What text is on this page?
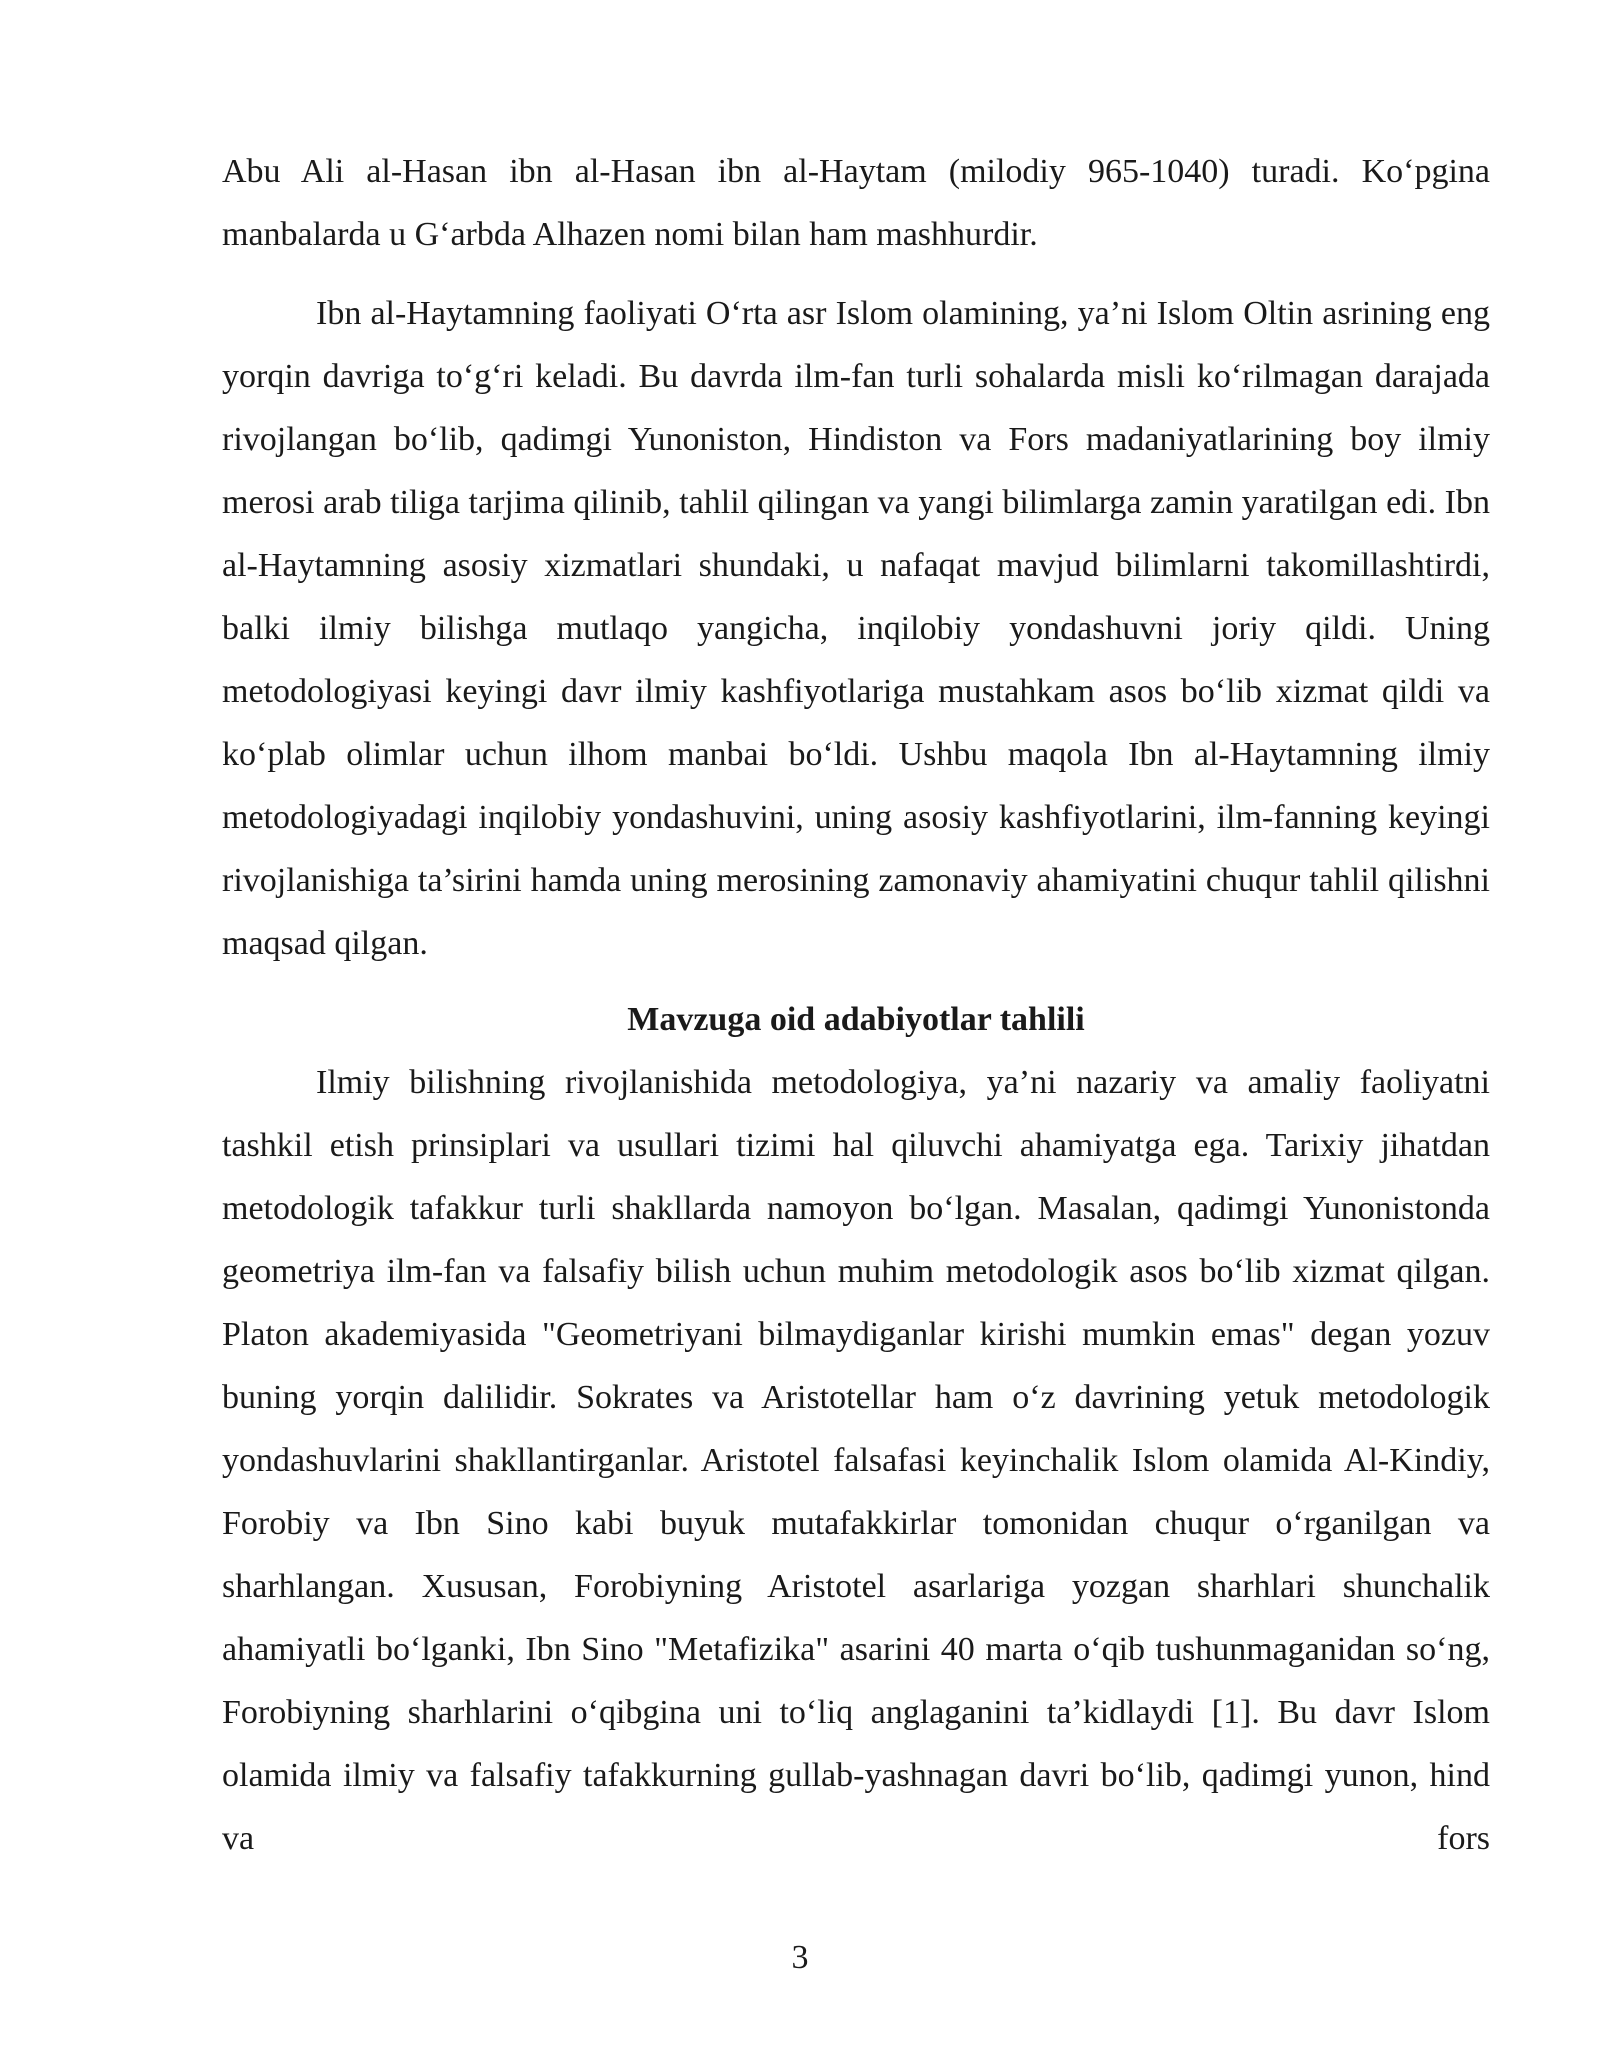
Abu Ali al-Hasan ibn al-Hasan ibn al-Haytam (milodiy 965-1040) turadi. Ko‘pgina manbalarda u G‘arbda Alhazen nomi bilan ham mashhurdir.

Ibn al-Haytamning faoliyati O‘rta asr Islom olamining, ya’ni Islom Oltin asrining eng yorqin davriga to‘g‘ri keladi. Bu davrda ilm-fan turli sohalarda misli ko‘rilmagan darajada rivojlangan bo‘lib, qadimgi Yunoniston, Hindiston va Fors madaniyatlarining boy ilmiy merosi arab tiliga tarjima qilinib, tahlil qilingan va yangi bilimlarga zamin yaratilgan edi. Ibn al-Haytamning asosiy xizmatlari shundaki, u nafaqat mavjud bilimlarni takomillashtirdi, balki ilmiy bilishga mutlaqo yangicha, inqilobiy yondashuvni joriy qildi. Uning metodologiyasi keyingi davr ilmiy kashfiyotlariga mustahkam asos bo‘lib xizmat qildi va ko‘plab olimlar uchun ilhom manbai bo‘ldi. Ushbu maqola Ibn al-Haytamning ilmiy metodologiyadagi inqilobiy yondashuvini, uning asosiy kashfiyotlarini, ilm-fanning keyingi rivojlanishiga ta’sirini hamda uning merosining zamonaviy ahamiyatini chuqur tahlil qilishni maqsad qilgan.

Mavzuga oid adabiyotlar tahlili

Ilmiy bilishning rivojlanishida metodologiya, ya’ni nazariy va amaliy faoliyatni tashkil etish prinsiplari va usullari tizimi hal qiluvchi ahamiyatga ega. Tarixiy jihatdan metodologik tafakkur turli shakllarda namoyon bo‘lgan. Masalan, qadimgi Yunonistonda geometriya ilm-fan va falsafiy bilish uchun muhim metodologik asos bo‘lib xizmat qilgan. Platon akademiyasida "Geometriyani bilmaydiganlar kirishi mumkin emas" degan yozuv buning yorqin dalilidir. Sokrates va Aristotellar ham o‘z davrining yetuk metodologik yondashuvlarini shakllantirganlar. Aristotel falsafasi keyinchalik Islom olamida Al-Kindiy, Forobiy va Ibn Sino kabi buyuk mutafakkirlar tomonidan chuqur o‘rganilgan va sharhlangan. Xususan, Forobiyning Aristotel asarlariga yozgan sharhlari shunchalik ahamiyatli bo‘lganki, Ibn Sino "Metafizika" asarini 40 marta o‘qib tushunmaganidan so‘ng, Forobiyning sharhlarini o‘qibgina uni to‘liq anglaganini ta’kidlaydi [1]. Bu davr Islom olamida ilmiy va falsafiy tafakkurning gullab-yashnagan davri bo‘lib, qadimgi yunon, hind va fors

3
